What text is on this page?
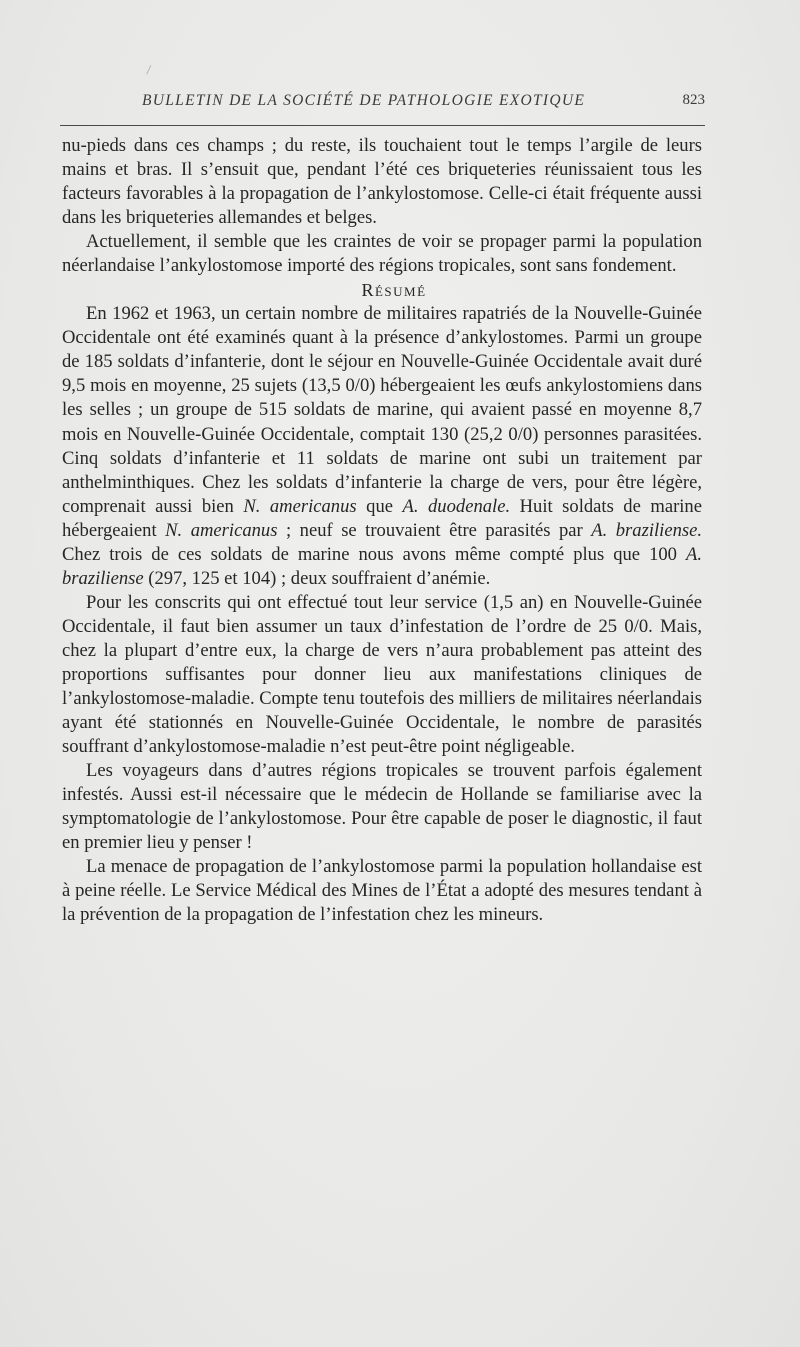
BULLETIN DE LA SOCIÉTÉ DE PATHOLOGIE EXOTIQUE	823

nu-pieds dans ces champs ; du reste, ils touchaient tout le temps l’argile de leurs mains et bras. Il s’ensuit que, pendant l’été ces briqueteries réunissaient tous les facteurs favorables à la propagation de l’ankylostomose. Celle-ci était fréquente aussi dans les briqueteries allemandes et belges.

Actuellement, il semble que les craintes de voir se propager parmi la population néerlandaise l’ankylostomose importé des régions tropicales, sont sans fondement.

Résumé

En 1962 et 1963, un certain nombre de militaires rapatriés de la Nouvelle-Guinée Occidentale ont été examinés quant à la présence d’ankylostomes. Parmi un groupe de 185 soldats d’infanterie, dont le séjour en Nouvelle-Guinée Occidentale avait duré 9,5 mois en moyenne, 25 sujets (13,5 0/0) hébergeaient les œufs ankylostomiens dans les selles ; un groupe de 515 soldats de marine, qui avaient passé en moyenne 8,7 mois en Nouvelle-Guinée Occidentale, comptait 130 (25,2 0/0) personnes parasitées. Cinq soldats d’infanterie et 11 soldats de marine ont subi un traitement par anthelminthiques. Chez les soldats d’infanterie la charge de vers, pour être légère, comprenait aussi bien N. americanus que A. duodenale. Huit soldats de marine hébergeaient N. americanus ; neuf se trouvaient être parasités par A. braziliense. Chez trois de ces soldats de marine nous avons même compté plus que 100 A. braziliense (297, 125 et 104) ; deux souffraient d’anémie.

Pour les conscrits qui ont effectué tout leur service (1,5 an) en Nouvelle-Guinée Occidentale, il faut bien assumer un taux d’infestation de l’ordre de 25 0/0. Mais, chez la plupart d’entre eux, la charge de vers n’aura probablement pas atteint des proportions suffisantes pour donner lieu aux manifestations cliniques de l’ankylostomose-maladie. Compte tenu toutefois des milliers de militaires néerlandais ayant été stationnés en Nouvelle-Guinée Occidentale, le nombre de parasités souffrant d’ankylostomose-maladie n’est peut-être point négligeable.

Les voyageurs dans d’autres régions tropicales se trouvent parfois également infestés. Aussi est-il nécessaire que le médecin de Hollande se familiarise avec la symptomatologie de l’ankylostomose. Pour être capable de poser le diagnostic, il faut en premier lieu y penser !

La menace de propagation de l’ankylostomose parmi la population hollandaise est à peine réelle. Le Service Médical des Mines de l’État a adopté des mesures tendant à la prévention de la propagation de l’infestation chez les mineurs.
